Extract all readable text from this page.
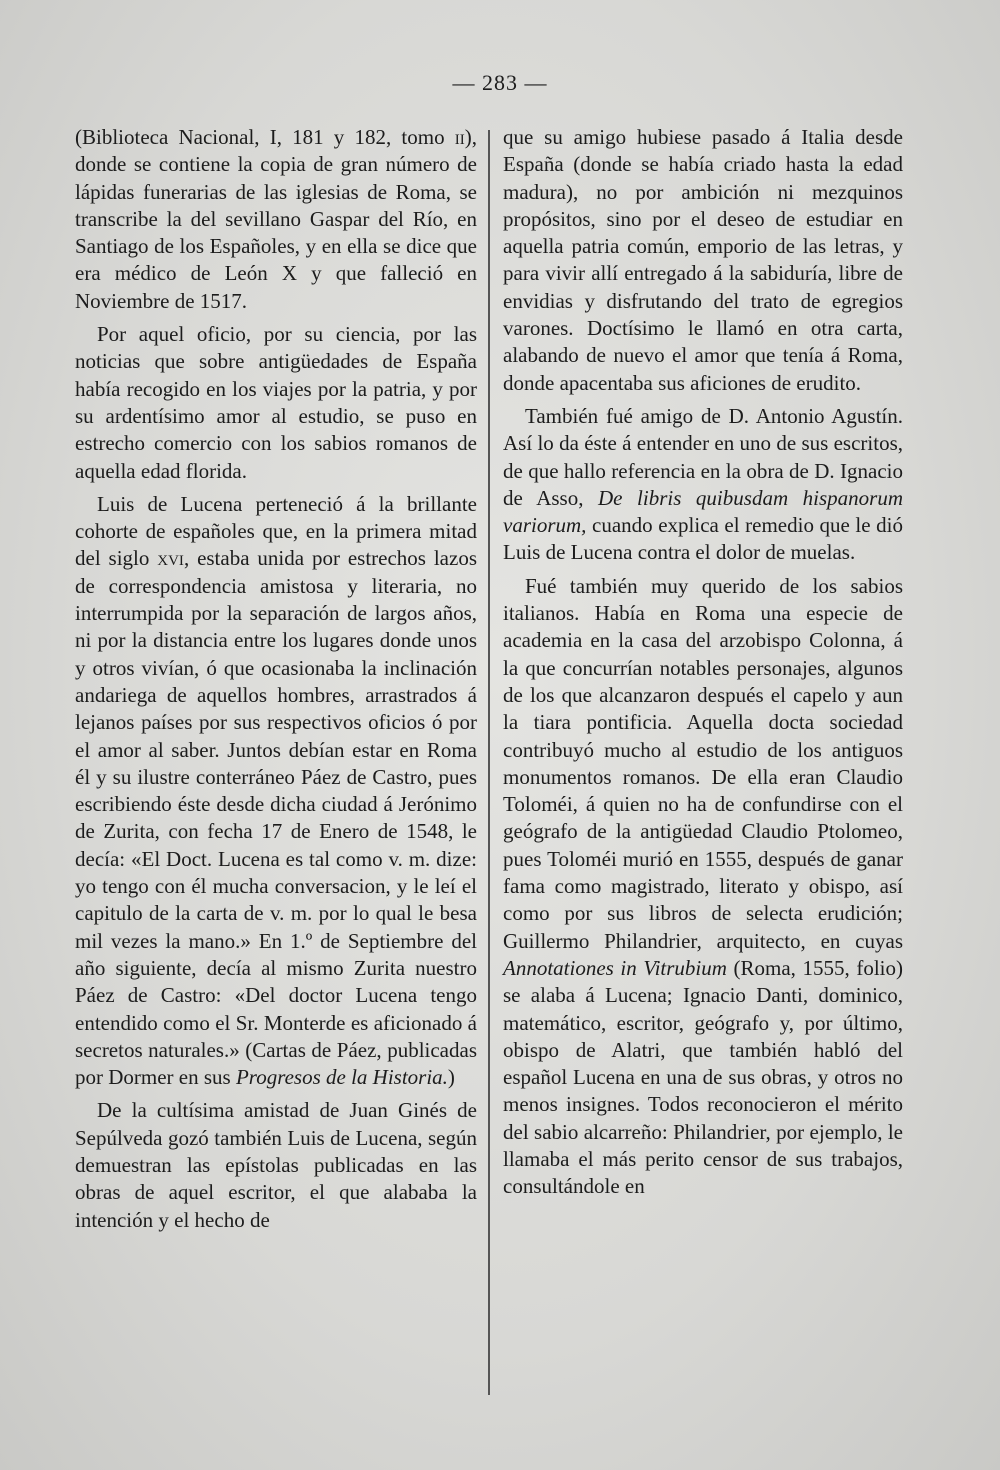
— 283 —

(Biblioteca Nacional, I, 181 y 182, tomo ii), donde se contiene la copia de gran número de lápidas funerarias de las iglesias de Roma, se transcribe la del sevillano Gaspar del Río, en Santiago de los Españoles, y en ella se dice que era médico de León X y que falleció en Noviembre de 1517.

Por aquel oficio, por su ciencia, por las noticias que sobre antigüedades de España había recogido en los viajes por la patria, y por su ardentísimo amor al estudio, se puso en estrecho comercio con los sabios romanos de aquella edad florida.

Luis de Lucena perteneció á la brillante cohorte de españoles que, en la primera mitad del siglo xvi, estaba unida por estrechos lazos de correspondencia amistosa y literaria, no interrumpida por la separación de largos años, ni por la distancia entre los lugares donde unos y otros vivían, ó que ocasionaba la inclinación andariega de aquellos hombres, arrastrados á lejanos países por sus respectivos oficios ó por el amor al saber. Juntos debían estar en Roma él y su ilustre conterráneo Páez de Castro, pues escribiendo éste desde dicha ciudad á Jerónimo de Zurita, con fecha 17 de Enero de 1548, le decía: «El Doct. Lucena es tal como v. m. dize: yo tengo con él mucha conversacion, y le leí el capitulo de la carta de v. m. por lo qual le besa mil vezes la mano.» En 1.º de Septiembre del año siguiente, decía al mismo Zurita nuestro Páez de Castro: «Del doctor Lucena tengo entendido como el Sr. Monterde es aficionado á secretos naturales.» (Cartas de Páez, publicadas por Dormer en sus Progresos de la Historia.)

De la cultísima amistad de Juan Ginés de Sepúlveda gozó también Luis de Lucena, según demuestran las epístolas publicadas en las obras de aquel escritor, el que alababa la intención y el hecho de

que su amigo hubiese pasado á Italia desde España (donde se había criado hasta la edad madura), no por ambición ni mezquinos propósitos, sino por el deseo de estudiar en aquella patria común, emporio de las letras, y para vivir allí entregado á la sabiduría, libre de envidias y disfrutando del trato de egregios varones. Doctísimo le llamó en otra carta, alabando de nuevo el amor que tenía á Roma, donde apacentaba sus aficiones de erudito.

También fué amigo de D. Antonio Agustín. Así lo da éste á entender en uno de sus escritos, de que hallo referencia en la obra de D. Ignacio de Asso, De libris quibusdam hispanorum variorum, cuando explica el remedio que le dió Luis de Lucena contra el dolor de muelas.

Fué también muy querido de los sabios italianos. Había en Roma una especie de academia en la casa del arzobispo Colonna, á la que concurrían notables personajes, algunos de los que alcanzaron después el capelo y aun la tiara pontificia. Aquella docta sociedad contribuyó mucho al estudio de los antiguos monumentos romanos. De ella eran Claudio Toloméi, á quien no ha de confundirse con el geógrafo de la antigüedad Claudio Ptolomeo, pues Toloméi murió en 1555, después de ganar fama como magistrado, literato y obispo, así como por sus libros de selecta erudición; Guillermo Philandrier, arquitecto, en cuyas Annotationes in Vitrubium (Roma, 1555, folio) se alaba á Lucena; Ignacio Danti, dominico, matemático, escritor, geógrafo y, por último, obispo de Alatri, que también habló del español Lucena en una de sus obras, y otros no menos insignes. Todos reconocieron el mérito del sabio alcarreño: Philandrier, por ejemplo, le llamaba el más perito censor de sus trabajos, consultándole en
